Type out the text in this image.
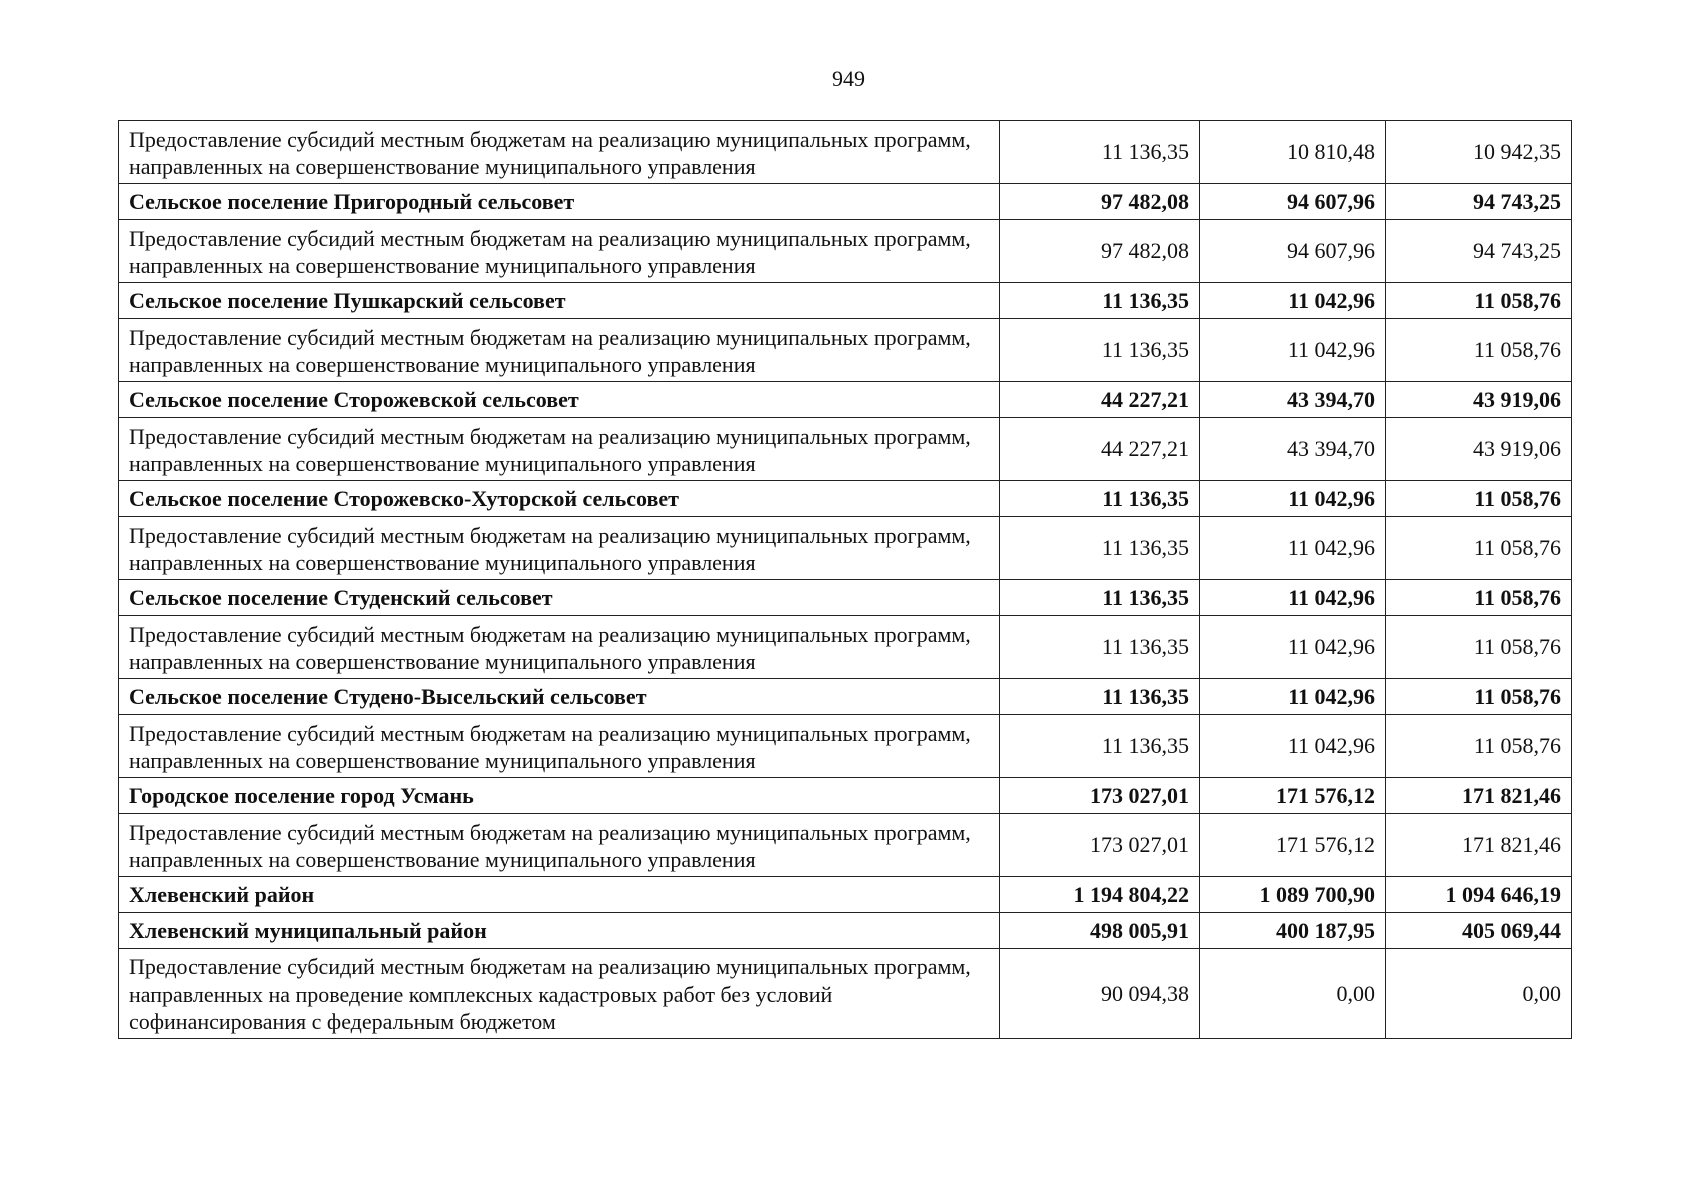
949
Предоставление субсидий местным бюджетам на реализацию муниципальных программ, направленных на совершенствование муниципального управления	11 136,35	10 810,48	10 942,35
Сельское поселение Пригородный сельсовет	97 482,08	94 607,96	94 743,25
Предоставление субсидий местным бюджетам на реализацию муниципальных программ, направленных на совершенствование муниципального управления	97 482,08	94 607,96	94 743,25
Сельское поселение Пушкарский сельсовет	11 136,35	11 042,96	11 058,76
Предоставление субсидий местным бюджетам на реализацию муниципальных программ, направленных на совершенствование муниципального управления	11 136,35	11 042,96	11 058,76
Сельское поселение Сторожевской сельсовет	44 227,21	43 394,70	43 919,06
Предоставление субсидий местным бюджетам на реализацию муниципальных программ, направленных на совершенствование муниципального управления	44 227,21	43 394,70	43 919,06
Сельское поселение Сторожевско-Хуторской сельсовет	11 136,35	11 042,96	11 058,76
Предоставление субсидий местным бюджетам на реализацию муниципальных программ, направленных на совершенствование муниципального управления	11 136,35	11 042,96	11 058,76
Сельское поселение Студенский сельсовет	11 136,35	11 042,96	11 058,76
Предоставление субсидий местным бюджетам на реализацию муниципальных программ, направленных на совершенствование муниципального управления	11 136,35	11 042,96	11 058,76
Сельское поселение Студено-Высельский сельсовет	11 136,35	11 042,96	11 058,76
Предоставление субсидий местным бюджетам на реализацию муниципальных программ, направленных на совершенствование муниципального управления	11 136,35	11 042,96	11 058,76
Городское поселение город Усмань	173 027,01	171 576,12	171 821,46
Предоставление субсидий местным бюджетам на реализацию муниципальных программ, направленных на совершенствование муниципального управления	173 027,01	171 576,12	171 821,46
Хлевенский район	1 194 804,22	1 089 700,90	1 094 646,19
Хлевенский муниципальный район	498 005,91	400 187,95	405 069,44
Предоставление субсидий местным бюджетам на реализацию муниципальных программ, направленных на проведение комплексных кадастровых работ без условий софинансирования с федеральным бюджетом	90 094,38	0,00	0,00
